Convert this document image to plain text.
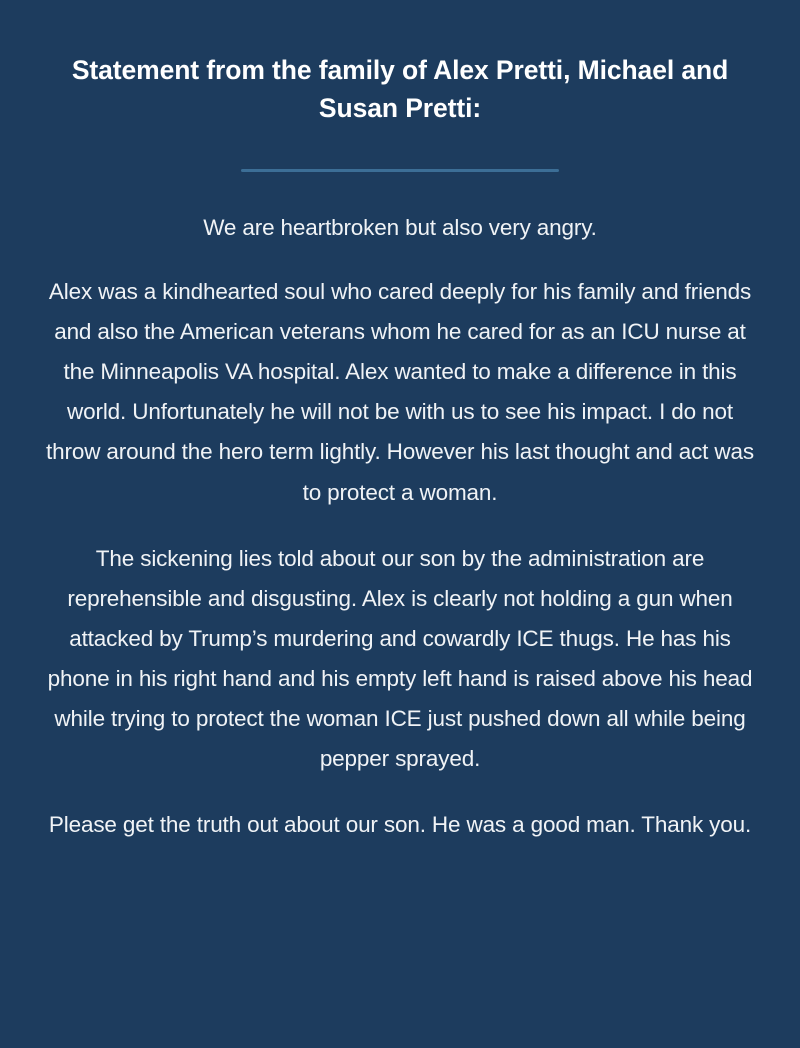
Statement from the family of Alex Pretti, Michael and Susan Pretti:

We are heartbroken but also very angry.

Alex was a kindhearted soul who cared deeply for his family and friends and also the American veterans whom he cared for as an ICU nurse at the Minneapolis VA hospital. Alex wanted to make a difference in this world. Unfortunately he will not be with us to see his impact. I do not throw around the hero term lightly. However his last thought and act was to protect a woman.

The sickening lies told about our son by the administration are reprehensible and disgusting. Alex is clearly not holding a gun when attacked by Trump’s murdering and cowardly ICE thugs. He has his phone in his right hand and his empty left hand is raised above his head while trying to protect the woman ICE just pushed down all while being pepper sprayed.

Please get the truth out about our son. He was a good man. Thank you.
